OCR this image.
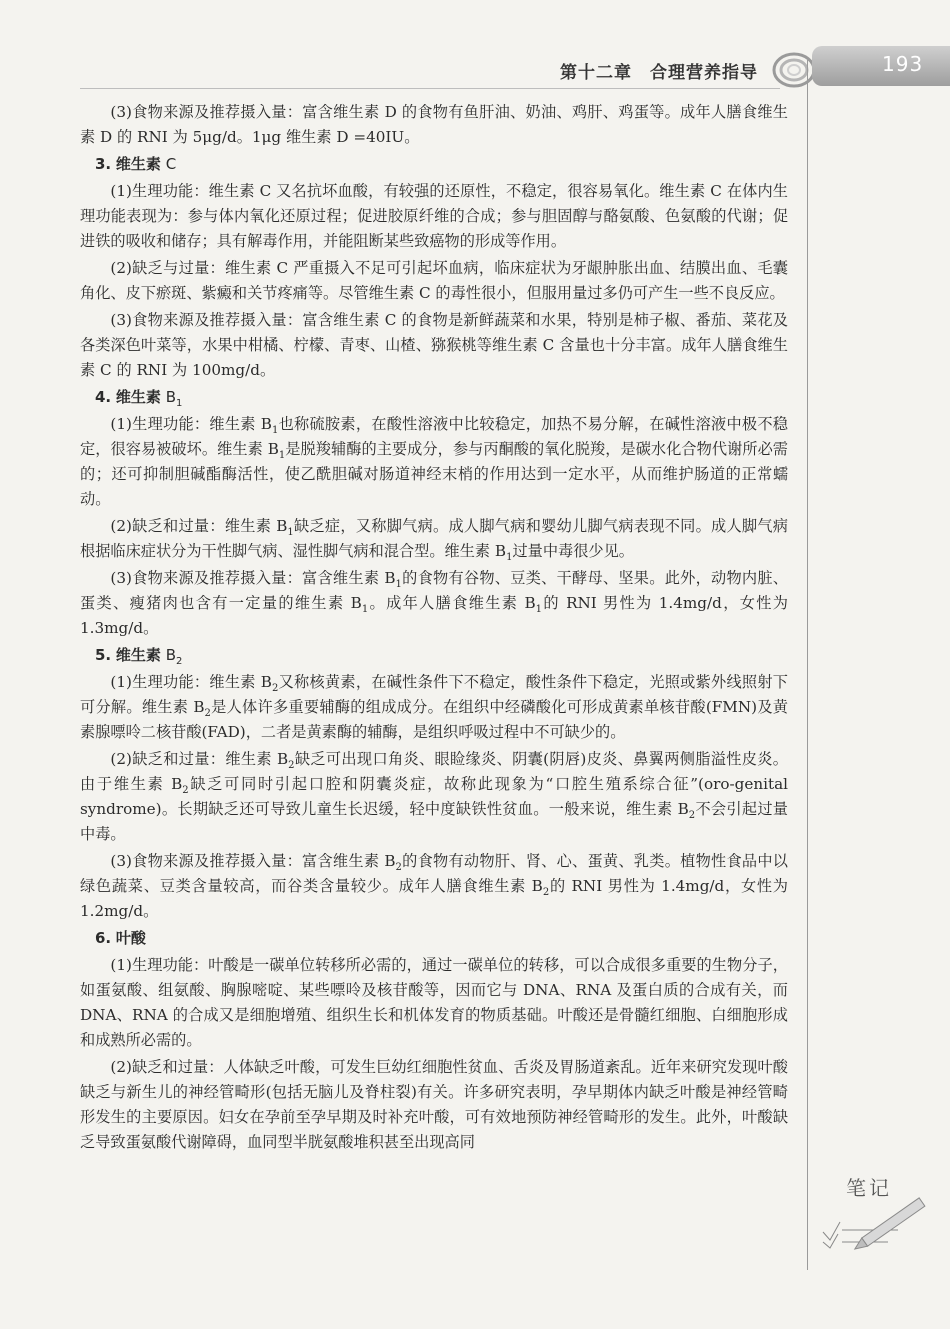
第十二章　合理营养指导	193

(3)食物来源及推荐摄入量：富含维生素 D 的食物有鱼肝油、奶油、鸡肝、鸡蛋等。成年人膳食维生素 D 的 RNI 为 5μg/d。1μg 维生素 D =40IU。

3. 维生素 C

(1)生理功能：维生素 C 又名抗坏血酸，有较强的还原性，不稳定，很容易氧化。维生素 C 在体内生理功能表现为：参与体内氧化还原过程；促进胶原纤维的合成；参与胆固醇与酪氨酸、色氨酸的代谢；促进铁的吸收和储存；具有解毒作用，并能阻断某些致癌物的形成等作用。

(2)缺乏与过量：维生素 C 严重摄入不足可引起坏血病，临床症状为牙龈肿胀出血、结膜出血、毛囊角化、皮下瘀斑、紫癜和关节疼痛等。尽管维生素 C 的毒性很小，但服用量过多仍可产生一些不良反应。

(3)食物来源及推荐摄入量：富含维生素 C 的食物是新鲜蔬菜和水果，特别是柿子椒、番茄、菜花及各类深色叶菜等，水果中柑橘、柠檬、青枣、山楂、猕猴桃等维生素 C 含量也十分丰富。成年人膳食维生素 C 的 RNI 为 100mg/d。

4. 维生素 $B_1$

(1)生理功能：维生素 $B_1$也称硫胺素，在酸性溶液中比较稳定，加热不易分解，在碱性溶液中极不稳定，很容易被破坏。维生素 $B_1$是脱羧辅酶的主要成分，参与丙酮酸的氧化脱羧，是碳水化合物代谢所必需的；还可抑制胆碱酯酶活性，使乙酰胆碱对肠道神经末梢的作用达到一定水平，从而维护肠道的正常蠕动。

(2)缺乏和过量：维生素 $B_1$缺乏症，又称脚气病。成人脚气病和婴幼儿脚气病表现不同。成人脚气病根据临床症状分为干性脚气病、湿性脚气病和混合型。维生素 $B_1$过量中毒很少见。

(3)食物来源及推荐摄入量：富含维生素 $B_1$的食物有谷物、豆类、干酵母、坚果。此外，动物内脏、蛋类、瘦猪肉也含有一定量的维生素 $B_1$。成年人膳食维生素 $B_1$的 RNI 男性为 1.4mg/d，女性为 1.3mg/d。

5. 维生素 $B_2$

(1)生理功能：维生素 $B_2$又称核黄素，在碱性条件下不稳定，酸性条件下稳定，光照或紫外线照射下可分解。维生素 $B_2$是人体许多重要辅酶的组成成分。在组织中经磷酸化可形成黄素单核苷酸(FMN)及黄素腺嘌呤二核苷酸(FAD)，二者是黄素酶的辅酶，是组织呼吸过程中不可缺少的。

(2)缺乏和过量：维生素 $B_2$缺乏可出现口角炎、眼睑缘炎、阴囊(阴唇)皮炎、鼻翼两侧脂溢性皮炎。由于维生素 $B_2$缺乏可同时引起口腔和阴囊炎症，故称此现象为“口腔生殖系综合征”(oro-genital syndrome)。长期缺乏还可导致儿童生长迟缓，轻中度缺铁性贫血。一般来说，维生素 $B_2$不会引起过量中毒。

(3)食物来源及推荐摄入量：富含维生素 $B_2$的食物有动物肝、肾、心、蛋黄、乳类。植物性食品中以绿色蔬菜、豆类含量较高，而谷类含量较少。成年人膳食维生素 $B_2$的 RNI 男性为 1.4mg/d，女性为 1.2mg/d。

6. 叶酸

(1)生理功能：叶酸是一碳单位转移所必需的，通过一碳单位的转移，可以合成很多重要的生物分子，如蛋氨酸、组氨酸、胸腺嘧啶、某些嘌呤及核苷酸等，因而它与 DNA、RNA 及蛋白质的合成有关，而 DNA、RNA 的合成又是细胞增殖、组织生长和机体发育的物质基础。叶酸还是骨髓红细胞、白细胞形成和成熟所必需的。

(2)缺乏和过量：人体缺乏叶酸，可发生巨幼红细胞性贫血、舌炎及胃肠道紊乱。近年来研究发现叶酸缺乏与新生儿的神经管畸形(包括无脑儿及脊柱裂)有关。许多研究表明，孕早期体内缺乏叶酸是神经管畸形发生的主要原因。妇女在孕前至孕早期及时补充叶酸，可有效地预防神经管畸形的发生。此外，叶酸缺乏导致蛋氨酸代谢障碍，血同型半胱氨酸堆积甚至出现高同

笔记
